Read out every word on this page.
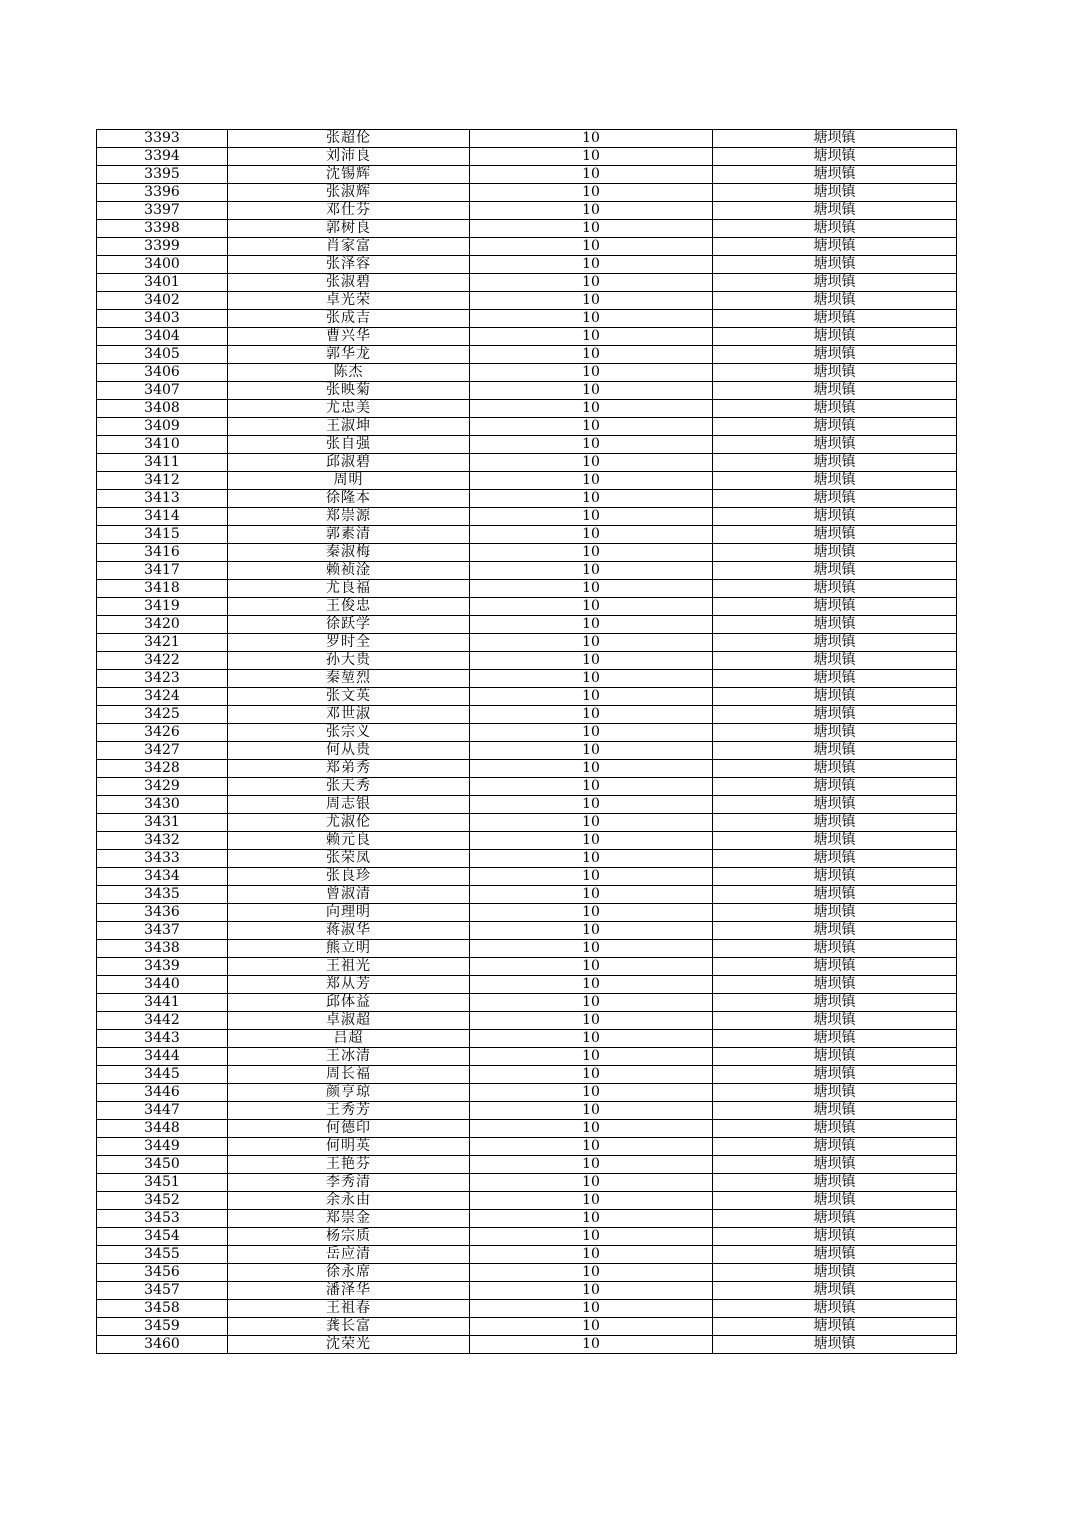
3393	张超伦	10	塘坝镇
3394	刘沛良	10	塘坝镇
3395	沈锡辉	10	塘坝镇
3396	张淑辉	10	塘坝镇
3397	邓仕芬	10	塘坝镇
3398	郭树良	10	塘坝镇
3399	肖家富	10	塘坝镇
3400	张泽容	10	塘坝镇
3401	张淑碧	10	塘坝镇
3402	卓光荣	10	塘坝镇
3403	张成吉	10	塘坝镇
3404	曹兴华	10	塘坝镇
3405	郭华龙	10	塘坝镇
3406	陈杰	10	塘坝镇
3407	张映菊	10	塘坝镇
3408	尤忠美	10	塘坝镇
3409	王淑坤	10	塘坝镇
3410	张自强	10	塘坝镇
3411	邱淑碧	10	塘坝镇
3412	周明	10	塘坝镇
3413	徐隆本	10	塘坝镇
3414	郑崇源	10	塘坝镇
3415	郭素清	10	塘坝镇
3416	秦淑梅	10	塘坝镇
3417	赖祯淦	10	塘坝镇
3418	尤良福	10	塘坝镇
3419	王俊忠	10	塘坝镇
3420	徐跃学	10	塘坝镇
3421	罗时全	10	塘坝镇
3422	孙大贵	10	塘坝镇
3423	秦堃烈	10	塘坝镇
3424	张文英	10	塘坝镇
3425	邓世淑	10	塘坝镇
3426	张宗义	10	塘坝镇
3427	何从贵	10	塘坝镇
3428	郑弟秀	10	塘坝镇
3429	张天秀	10	塘坝镇
3430	周志银	10	塘坝镇
3431	尤淑伦	10	塘坝镇
3432	赖元良	10	塘坝镇
3433	张荣凤	10	塘坝镇
3434	张良珍	10	塘坝镇
3435	曾淑清	10	塘坝镇
3436	向理明	10	塘坝镇
3437	蒋淑华	10	塘坝镇
3438	熊立明	10	塘坝镇
3439	王祖光	10	塘坝镇
3440	郑从芳	10	塘坝镇
3441	邱体益	10	塘坝镇
3442	卓淑超	10	塘坝镇
3443	吕超	10	塘坝镇
3444	王冰清	10	塘坝镇
3445	周长福	10	塘坝镇
3446	颜亨琼	10	塘坝镇
3447	王秀芳	10	塘坝镇
3448	何德印	10	塘坝镇
3449	何明英	10	塘坝镇
3450	王艳芬	10	塘坝镇
3451	李秀清	10	塘坝镇
3452	余永由	10	塘坝镇
3453	郑崇金	10	塘坝镇
3454	杨宗质	10	塘坝镇
3455	岳应清	10	塘坝镇
3456	徐永席	10	塘坝镇
3457	潘泽华	10	塘坝镇
3458	王祖春	10	塘坝镇
3459	龚长富	10	塘坝镇
3460	沈荣光	10	塘坝镇
